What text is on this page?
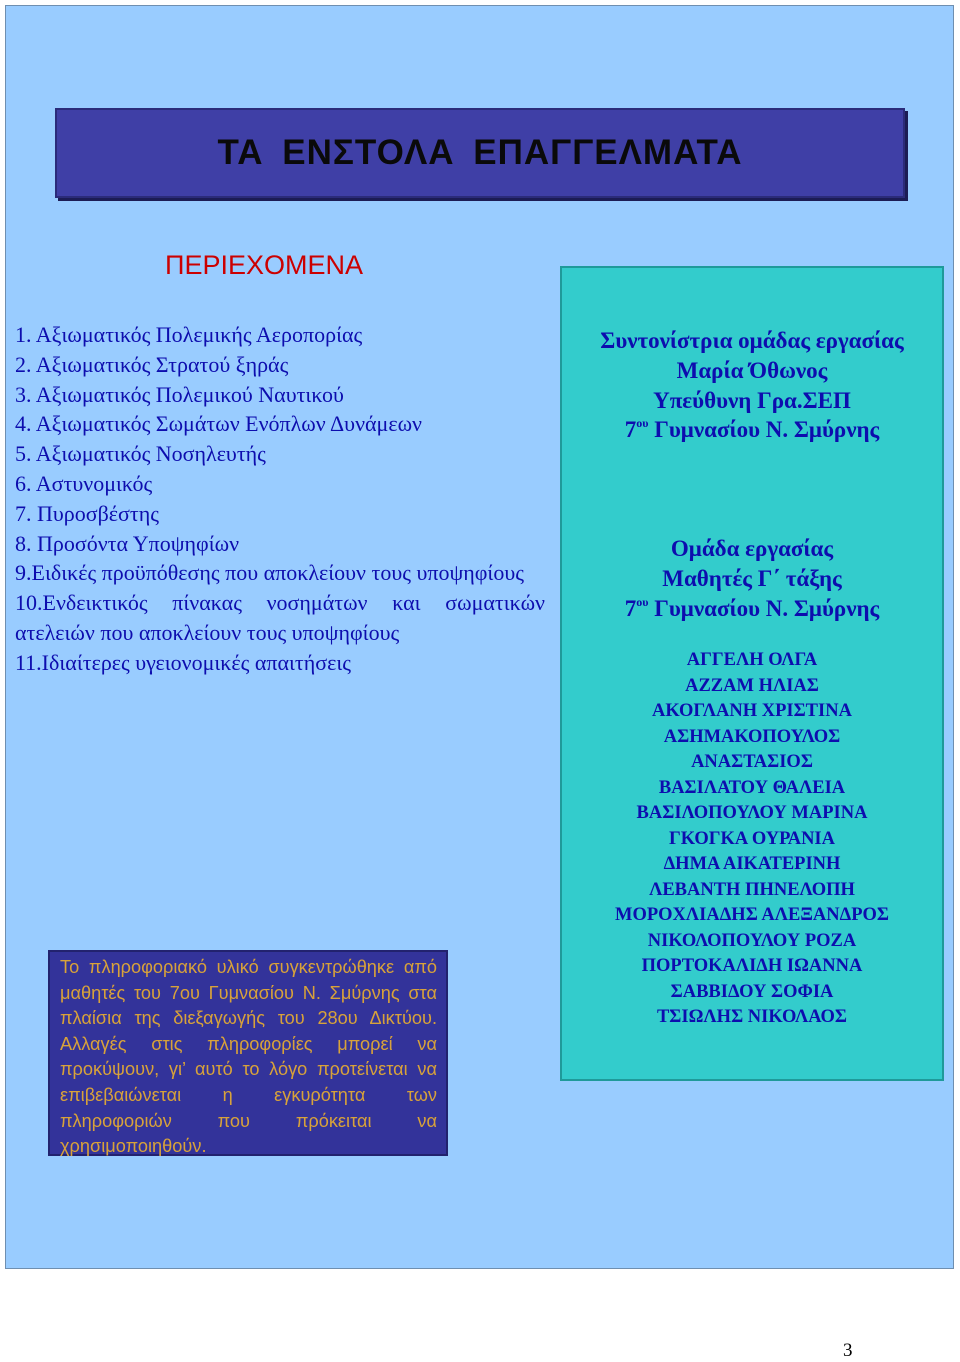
ΤΑ ΕΝΣΤΟΛΑ ΕΠΑΓΓΕΛΜΑΤΑ
ΠΕΡΙΕΧΟΜΕΝΑ
1. Αξιωματικός Πολεμικής Αεροπορίας
2. Αξιωματικός Στρατού ξηράς
3. Αξιωματικός Πολεμικού Ναυτικού
4. Αξιωματικός Σωμάτων Ενόπλων Δυνάμεων
5. Αξιωματικός Νοσηλευτής
6. Αστυνομικός
7. Πυροσβέστης
8. Προσόντα Υποψηφίων
9.Ειδικές προϋπόθεσης που αποκλείουν τους υποψηφίους
10.Ενδεικτικός πίνακας νοσημάτων και σωματικών ατελειών που αποκλείουν τους υποψηφίους
11.Ιδιαίτερες υγειονομικές απαιτήσεις

Το πληροφοριακό υλικό συγκεντρώθηκε από μαθητές του 7ου Γυμνασίου Ν. Σμύρνης στα πλαίσια της διεξαγωγής του 28ου Δικτύου. Αλλαγές στις πληροφορίες μπορεί να προκύψουν, γι’ αυτό το λόγο προτείνεται να επιβεβαιώνεται η εγκυρότητα των πληροφοριών που πρόκειται να χρησιμοποιηθούν.

Συντονίστρια ομάδας εργασίας
Μαρία Όθωνος
Υπεύθυνη Γρα.ΣΕΠ
$7^{o\upsilon}$ Γυμνασίου Ν. Σμύρνης
Ομάδα εργασίας
Μαθητές Γ΄ τάξης
$7^{o\upsilon}$ Γυμνασίου Ν. Σμύρνης
ΑΓΓΕΛΗ ΟΛΓΑ
ΑΖΖΑΜ ΗΛΙΑΣ
ΑΚΟΓΛΑΝΗ ΧΡΙΣΤΙΝΑ
ΑΣΗΜΑΚΟΠΟΥΛΟΣ
ΑΝΑΣΤΑΣΙΟΣ
ΒΑΣΙΛΑΤΟΥ ΘΑΛΕΙΑ
ΒΑΣΙΛΟΠΟΥΛΟΥ ΜΑΡΙΝΑ
ΓΚΟΓΚΑ ΟΥΡΑΝΙΑ
ΔΗΜΑ ΑΙΚΑΤΕΡΙΝΗ
ΛΕΒΑΝΤΗ ΠΗΝΕΛΟΠΗ
ΜΟΡΟΧΛΙΑΔΗΣ ΑΛΕΞΑΝΔΡΟΣ
ΝΙΚΟΛΟΠΟΥΛΟΥ ΡΟΖΑ
ΠΟΡΤΟΚΑΛΙΔΗ ΙΩΑΝΝΑ
ΣΑΒΒΙΔΟΥ ΣΟΦΙΑ
ΤΣΙΩΛΗΣ ΝΙΚΟΛΑΟΣ
3
